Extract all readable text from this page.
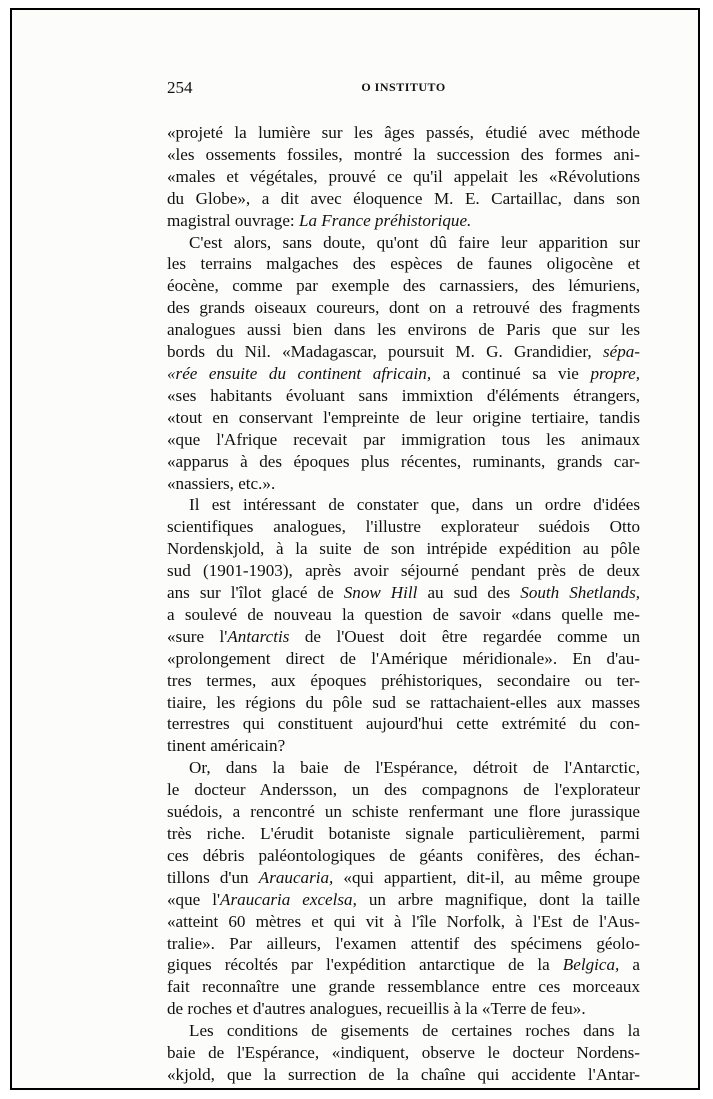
254	O INSTITUTO
«projeté la lumière sur les âges passés, étudié avec méthode
«les ossements fossiles, montré la succession des formes ani-
«males et végétales, prouvé ce qu'il appelait les «Révolutions
du Globe», a dit avec éloquence M. E. Cartaillac, dans son
magistral ouvrage: La France préhistorique.
C'est alors, sans doute, qu'ont dû faire leur apparition sur
les terrains malgaches des espèces de faunes oligocène et
éocène, comme par exemple des carnassiers, des lémuriens,
des grands oiseaux coureurs, dont on a retrouvé des fragments
analogues aussi bien dans les environs de Paris que sur les
bords du Nil. «Madagascar, poursuit M. G. Grandidier, sépa-
«rée ensuite du continent africain, a continué sa vie propre,
«ses habitants évoluant sans immixtion d'éléments étrangers,
«tout en conservant l'empreinte de leur origine tertiaire, tandis
«que l'Afrique recevait par immigration tous les animaux
«apparus à des époques plus récentes, ruminants, grands car-
«nassiers, etc.».
Il est intéressant de constater que, dans un ordre d'idées
scientifiques analogues, l'illustre explorateur suédois Otto
Nordenskjold, à la suite de son intrépide expédition au pôle
sud (1901-1903), après avoir séjourné pendant près de deux
ans sur l'îlot glacé de Snow Hill au sud des South Shetlands,
a soulevé de nouveau la question de savoir «dans quelle me-
«sure l'Antarctis de l'Ouest doit être regardée comme un
«prolongement direct de l'Amérique méridionale». En d'au-
tres termes, aux époques préhistoriques, secondaire ou ter-
tiaire, les régions du pôle sud se rattachaient-elles aux masses
terrestres qui constituent aujourd'hui cette extrémité du con-
tinent américain?
Or, dans la baie de l'Espérance, détroit de l'Antarctic,
le docteur Andersson, un des compagnons de l'explorateur
suédois, a rencontré un schiste renfermant une flore jurassique
très riche. L'érudit botaniste signale particulièrement, parmi
ces débris paléontologiques de géants conifères, des échan-
tillons d'un Araucaria, «qui appartient, dit-il, au même groupe
«que l'Araucaria excelsa, un arbre magnifique, dont la taille
«atteint 60 mètres et qui vit à l'île Norfolk, à l'Est de l'Aus-
tralie». Par ailleurs, l'examen attentif des spécimens géolo-
giques récoltés par l'expédition antarctique de la Belgica, a
fait reconnaître une grande ressemblance entre ces morceaux
de roches et d'autres analogues, recueillis à la «Terre de feu».
Les conditions de gisements de certaines roches dans la
baie de l'Espérance, «indiquent, observe le docteur Nordens-
«kjold, que la surrection de la chaîne qui accidente l'Antar-
